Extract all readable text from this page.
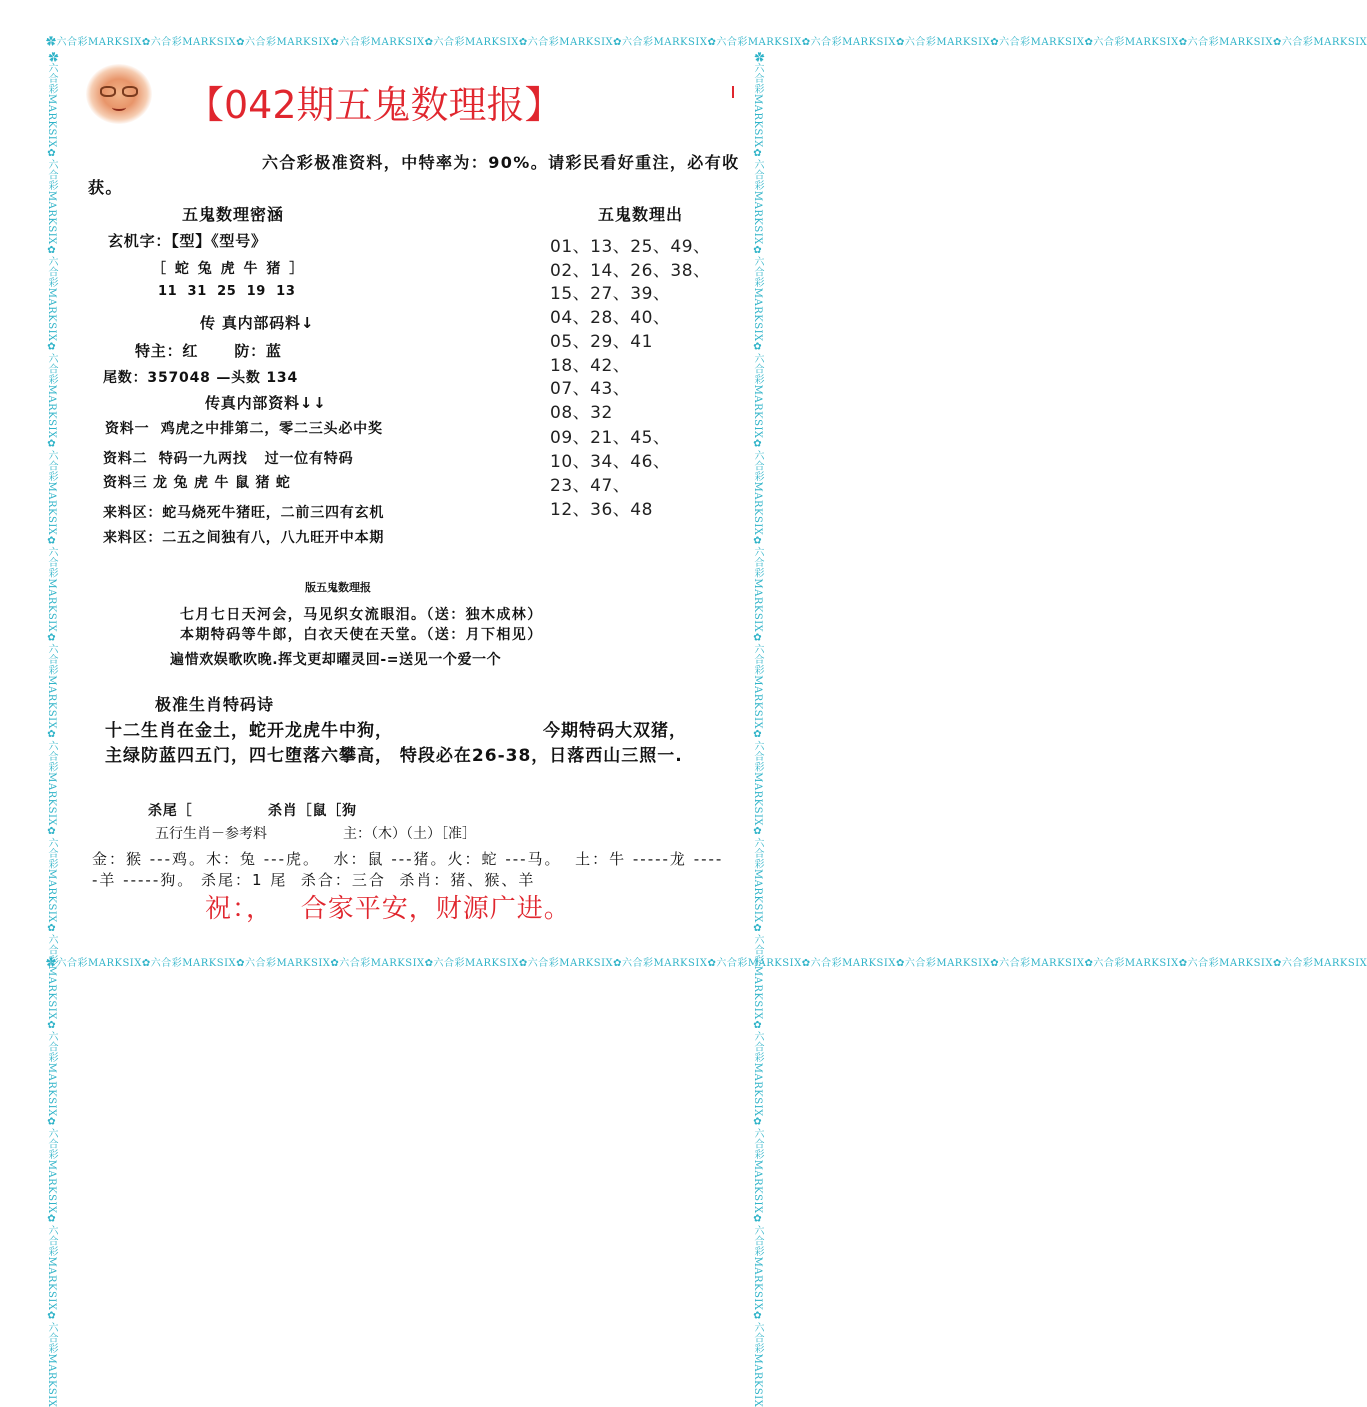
✿六合彩MARKSIX✿六合彩MARKSIX✿六合彩MARKSIX✿六合彩MARKSIX✿六合彩MARKSIX✿六合彩MARKSIX✿六合彩MARKSIX✿六合彩MARKSIX✿六合彩MARKSIX✿六合彩MARKSIX✿六合彩MARKSIX✿六合彩MARKSIX✿六合彩MARKSIX✿六合彩MARKSIX
✿六合彩MARKSIX✿六合彩MARKSIX✿六合彩MARKSIX✿六合彩MARKSIX✿六合彩MARKSIX✿六合彩MARKSIX✿六合彩MARKSIX✿六合彩MARKSIX✿六合彩MARKSIX✿六合彩MARKSIX✿六合彩MARKSIX✿六合彩MARKSIX✿六合彩MARKSIX✿六合彩MARKSIX
✿六合彩MARKSIX✿六合彩MARKSIX✿六合彩MARKSIX✿六合彩MARKSIX✿六合彩MARKSIX✿六合彩MARKSIX✿六合彩MARKSIX✿六合彩MARKSIX✿六合彩MARKSIX✿六合彩MARKSIX✿六合彩MARKSIX✿六合彩MARKSIX✿六合彩MARKSIX✿六合彩MARKSIX	✿六合彩MARKSIX✿六合彩MARKSIX✿六合彩MARKSIX✿六合彩MARKSIX✿六合彩MARKSIX✿六合彩MARKSIX✿六合彩MARKSIX✿六合彩MARKSIX✿六合彩MARKSIX✿六合彩MARKSIX✿六合彩MARKSIX✿六合彩MARKSIX✿六合彩MARKSIX✿六合彩MARKSIX
【042期五鬼数理报】
六合彩极准资料，中特率为：90%。请彩民看好重注，必有收
获。
五鬼数理密涵
玄机字：【型】《型号》
［ 蛇 兔 虎 牛 猪 ］
11  31  25  19  13
传 真内部码料↓
特主：红      防：蓝
尾数：357048 —头数 134
传真内部资料↓↓
资料一  鸡虎之中排第二，零二三头必中奖
资料二  特码一九两找   过一位有特码
资料三 龙 兔 虎 牛 鼠 猪 蛇
来料区：蛇马烧死牛猪旺，二前三四有玄机
来料区：二五之间独有八，八九旺开中本期
五鬼数理出
01、13、25、49、
02、14、26、38、
15、27、39、
04、28、40、
05、29、41
18、42、
07、43、
08、32
09、21、45、
10、34、46、
23、47、
12、36、48
版五鬼数理报
七月七日天河会，马见织女流眼泪。（送：独木成林）
本期特码等牛郎，白衣天使在天堂。（送：月下相见）
遍惜欢娱歌吹晚.挥戈更却曜灵回-=送见一个爱一个
极准生肖特码诗
十二生肖在金土，蛇开龙虎牛中狗，	今期特码大双猪，
主绿防蓝四五门，四七堕落六攀高， 特段必在26-38，日落西山三照一.
杀尾［	杀肖［鼠［狗
五行生肖－参考料	主：（木）（土）［准］
金：猴 ---鸡。木：兔 ---虎。  水：鼠 ---猪。火：蛇 ---马。  土：牛 -----龙 ----
-羊 -----狗。 杀尾：1 尾  杀合：三合  杀肖：猪、猴、羊
祝：，   合家平安，财源广进。
